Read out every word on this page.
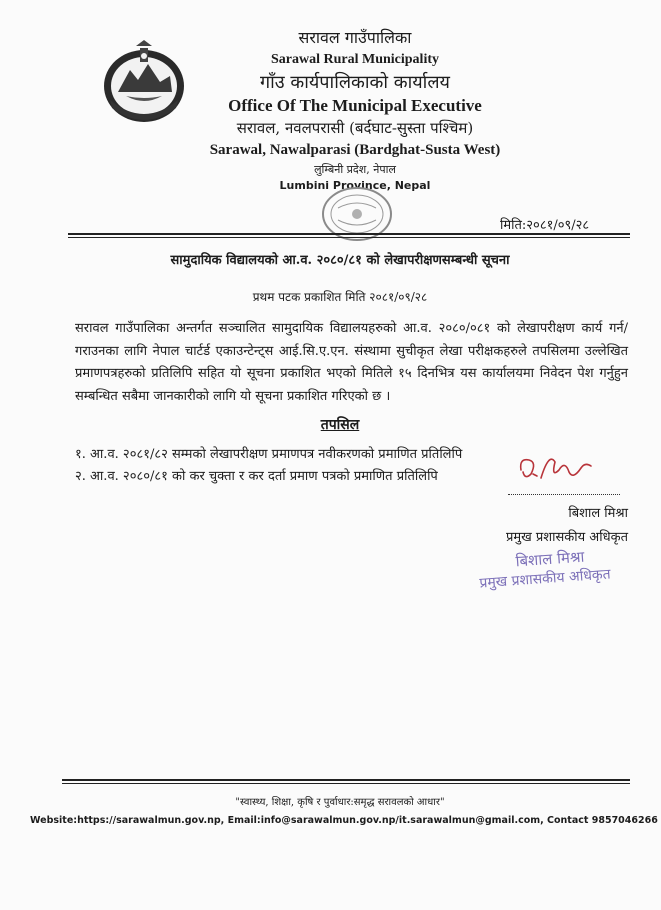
सरावल गाउँपालिका
Sarawal Rural Municipality
गाँउ कार्यपालिकाको कार्यालय
Office Of The Municipal Executive
सरावल, नवलपरासी (बर्दघाट-सुस्ता पश्चिम)
Sarawal, Nawalparasi (Bardghat-Susta West)
लुम्बिनी प्रदेश, नेपाल
Lumbini Province, Nepal
मिति:२०८१/०९/२८
सामुदायिक विद्यालयको आ.व. २०८०/८१ को लेखापरीक्षणसम्बन्धी सूचना
प्रथम पटक प्रकाशित मिति २०८१/०९/२८
सरावल गाउँपालिका अन्तर्गत सञ्चालित सामुदायिक विद्यालयहरुको आ.व. २०८०/०८१ को लेखापरीक्षण कार्य गर्न/गराउनका लागि नेपाल चार्टर्ड एकाउन्टेन्ट्स आई.सि.ए.एन. संस्थामा सुचीकृत लेखा परीक्षकहरुले तपसिलमा उल्लेखित प्रमाणपत्रहरुको प्रतिलिपि सहित यो सूचना प्रकाशित भएको मितिले १५ दिनभित्र यस कार्यालयमा निवेदन पेश गर्नुहुन सम्बन्धित सबैमा जानकारीको लागि यो सूचना प्रकाशित गरिएको छ ।
तपसिल
१. आ.व. २०८१/८२ सम्मको लेखापरीक्षण प्रमाणपत्र नवीकरणको प्रमाणित प्रतिलिपि
२. आ.व. २०८०/८१ को कर चुक्ता र कर दर्ता प्रमाण पत्रको प्रमाणित प्रतिलिपि
बिशाल मिश्रा
प्रमुख प्रशासकीय अधिकृत
बिशाल मिश्रा
प्रमुख प्रशासकीय अधिकृत
"स्वास्थ्य, शिक्षा, कृषि र पुर्वाधार:समृद्ध सरावलको आधार"
Website:https://sarawalmun.gov.np, Email:info@sarawalmun.gov.np/it.sarawalmun@gmail.com, Contact 9857046266
